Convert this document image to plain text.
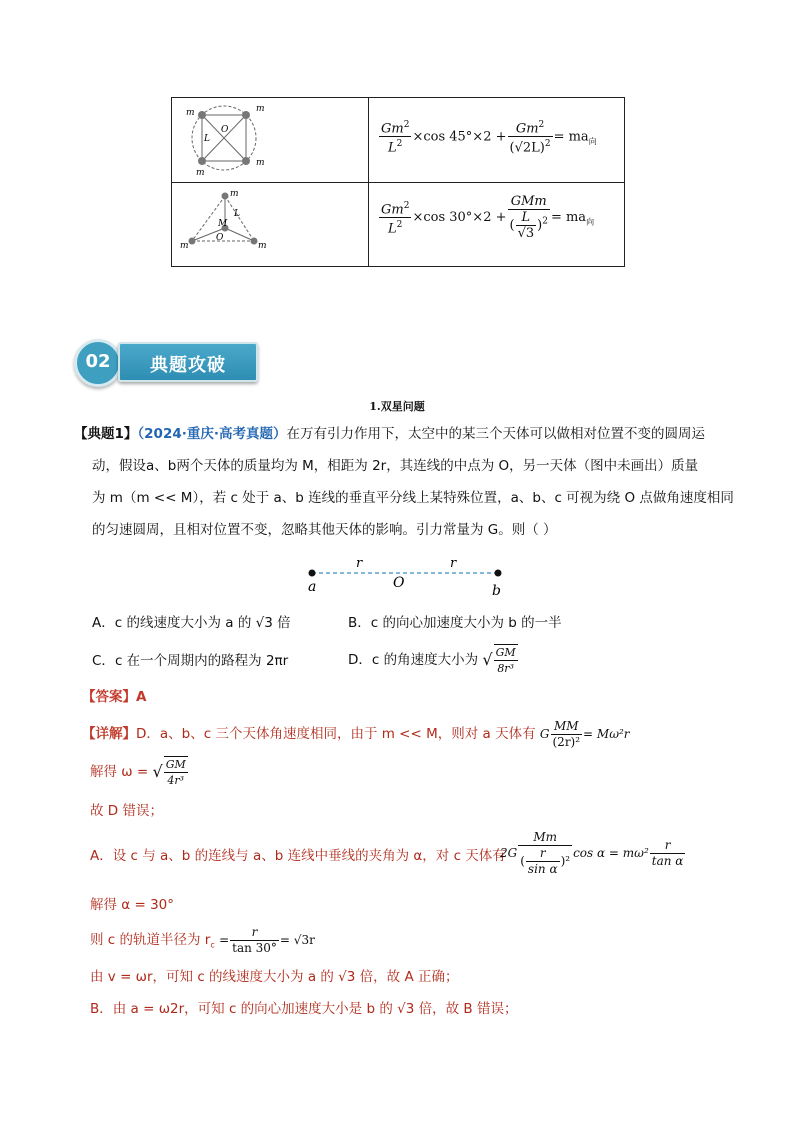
m	m
m
m
L
O	$\frac{Gm^2}{L^2} \times\cos$ $45^\circ\times 2 + \frac{Gm^2}{(√2L)^2} = ma_向$
m
m	m
M
L
O
$\frac{Gm^2}{L^2} \times\cos$ $30^\circ\times 2 + \frac{\text{GMm}}{( \frac{L}{√3} )^2} = ma_向$
02	典题攻破
1.双星问题
【典题1】（2024·重庆·高考真题）在万有引力作用下，太空中的某三个天体可以做相对位置不变的圆周运
动，假设a、b两个天体的质量均为 M，相距为 2r，其连线的中点为 O，另一天体（图中未画出）质量
为 m（m << M），若 c 处于 a、b 连线的垂直平分线上某特殊位置，a、b、c 可视为绕 O 点做角速度相同
的匀速圆周，且相对位置不变，忽略其他天体的影响。引力常量为 G。则（ ）
a	b
O
r	r
A．c 的线速度大小为 a 的 √3 倍	B．c 的向心加速度大小为 b 的一半
C．c 在一个周期内的路程为 2πr	D．c 的角速度大小为 √ $\frac{GM}{\text{8r³}}$
【答案】A
【详解】D．a、b、c 三个天体角速度相同，由于 m << M，则对 a 天体有 G $\frac{MM}{\text{(2r)²}} = M\omega^2r$
解得 ω = √ $\frac{GM}{\text{4r³}}$
故 D 错误；
A．设 c 与 a、b 的连线与 a、b 连线中垂线的夹角为 α，对 c 天体有
$2G \frac{Mm}{( \frac{r}{\text{sin α}} )^2}$ $\cos \alpha = m\omega^2 \frac{r}{\text{tan α}}$
解得 α = 30°
则 c 的轨道半径为 $r_c = \frac{r}{\tan 30^\circ} = √3r$
由 v = ωr，可知 c 的线速度大小为 a 的 √3 倍，故 A 正确；
B．由 a = ω2r，可知 c 的向心加速度大小是 b 的 √3 倍，故 B 错误；
